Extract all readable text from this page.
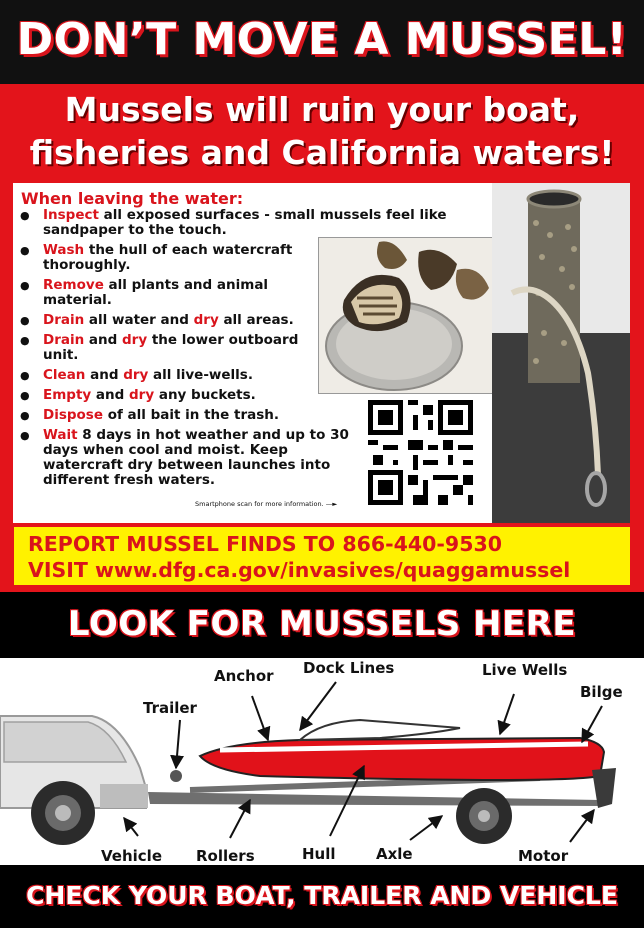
DON’T MOVE A MUSSEL!
Mussels will ruin your boat,
fisheries and California waters!
When leaving the water:
● Inspect all exposed surfaces - small mussels feel like sandpaper to the touch.
● Wash the hull of each watercraft thoroughly.
● Remove all plants and animal material.
● Drain all water and dry all areas.
● Drain and dry the lower outboard unit.
● Clean and dry all live-wells.
● Empty and dry any buckets.
● Dispose of all bait in the trash.
● Wait 8 days in hot weather and up to 30 days when cool and moist. Keep watercraft dry between launches into different fresh waters.
Smartphone scan for more information. —►
REPORT MUSSEL FINDS TO 866-440-9530
VISIT www.dfg.ca.gov/invasives/quaggamussel
LOOK FOR MUSSELS HERE
Anchor Dock Lines	Live Wells
Bilge
Trailer
Vehicle Rollers	Hull	Axle	Motor
CHECK YOUR BOAT, TRAILER AND VEHICLE
